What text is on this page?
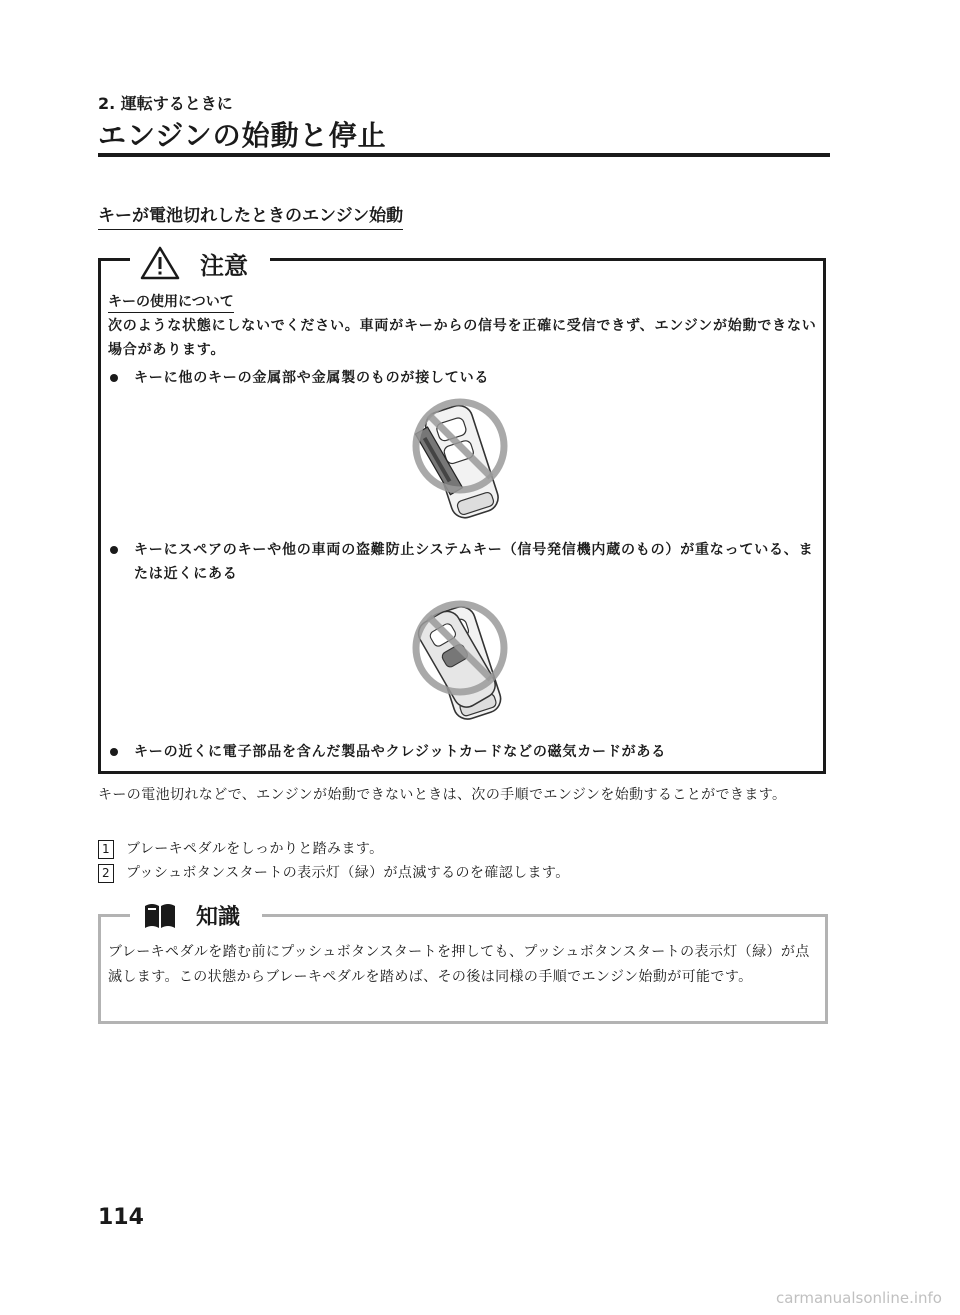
2. 運転するときに
エンジンの始動と停止
キーが電池切れしたときのエンジン始動
注意
キーの使用について
次のような状態にしないでください。車両がキーからの信号を正確に受信できず、エンジンが始動できない場合があります。
キーに他のキーの金属部や金属製のものが接している
キーにスペアのキーや他の車両の盗難防止システムキー（信号発信機内蔵のもの）が重なっている、または近くにある
キーの近くに電子部品を含んだ製品やクレジットカードなどの磁気カードがある
キーの電池切れなどで、エンジンが始動できないときは、次の手順でエンジンを始動することができます。
1 ブレーキペダルをしっかりと踏みます。
2 プッシュボタンスタートの表示灯（緑）が点滅するのを確認します。
知識
ブレーキペダルを踏む前にプッシュボタンスタートを押しても、プッシュボタンスタートの表示灯（緑）が点滅します。この状態からブレーキペダルを踏めば、その後は同様の手順でエンジン始動が可能です。
114
carmanualsonline.info
